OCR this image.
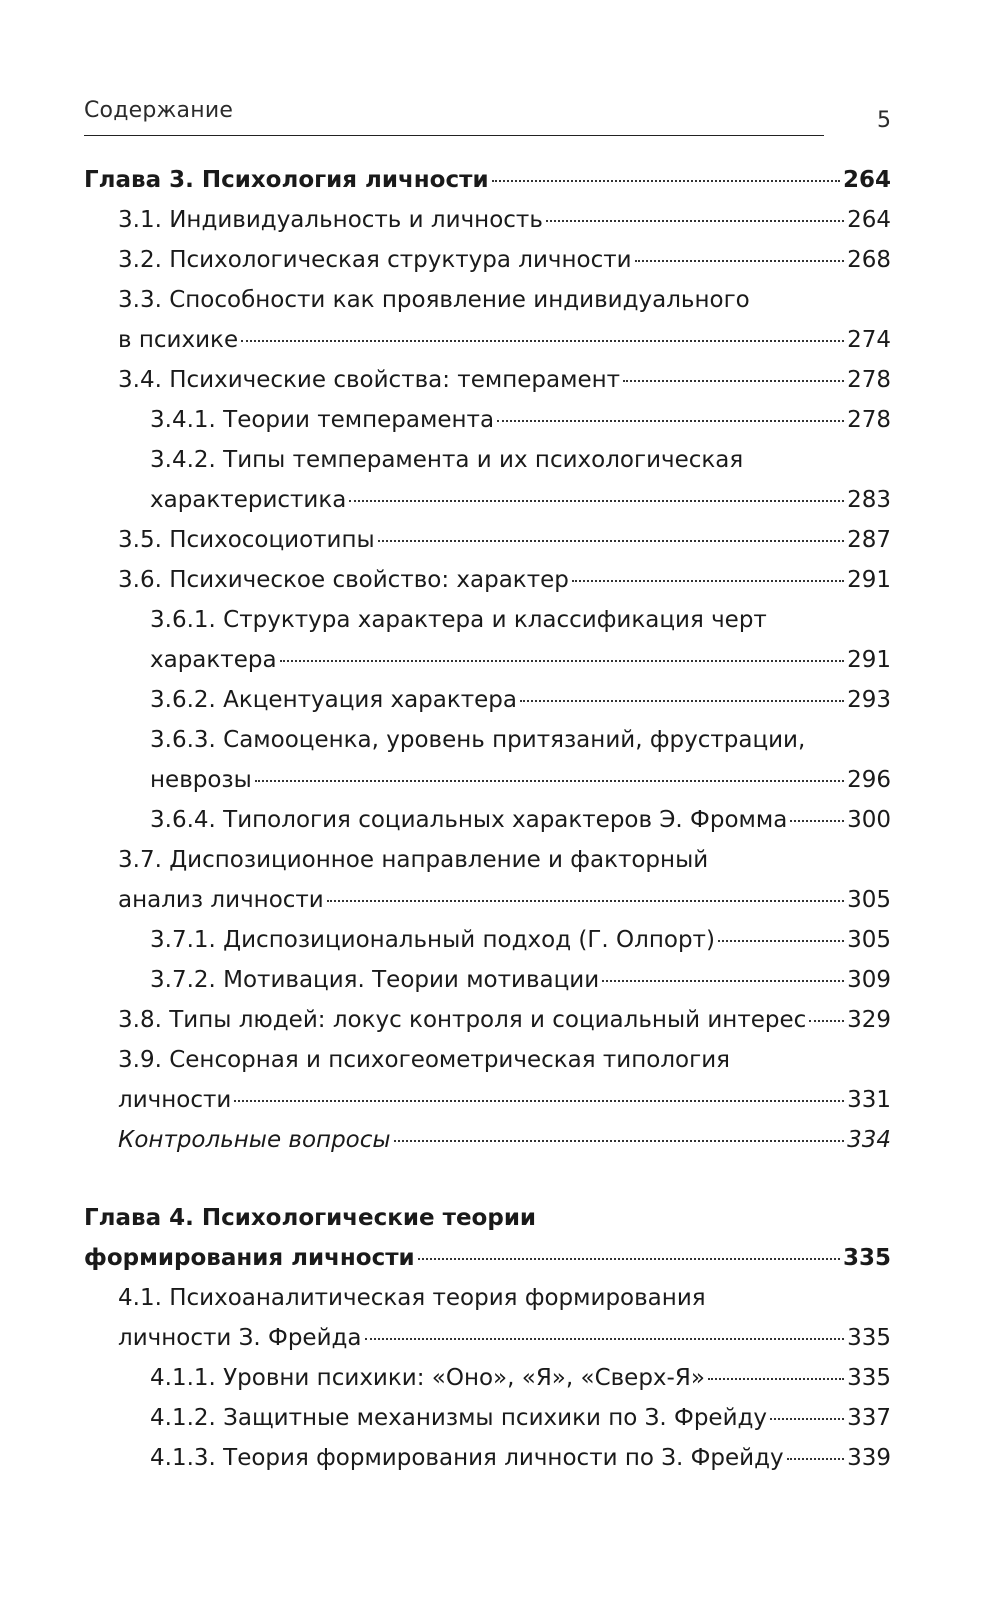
Содержание	5
Глава 3. Психология личности	264
3.1. Индивидуальность и личность	264
3.2. Психологическая структура личности	268
3.3. Способности как проявление индивидуального
в психике	274
3.4. Психические свойства: темперамент	278
3.4.1. Теории темперамента	278
3.4.2. Типы темперамента и их психологическая
характеристика	283
3.5. Психосоциотипы	287
3.6. Психическое свойство: характер	291
3.6.1. Структура характера и классификация черт
характера	291
3.6.2. Акцентуация характера	293
3.6.3. Самооценка, уровень притязаний, фрустрации,
неврозы	296
3.6.4. Типология социальных характеров Э. Фромма	300
3.7. Диспозиционное направление и факторный
анализ личности	305
3.7.1. Диспозициональный подход (Г. Олпорт)	305
3.7.2. Мотивация. Теории мотивации	309
3.8. Типы людей: локус контроля и социальный интерес 329
3.9. Сенсорная и психогеометрическая типология
личности	331
Контрольные вопросы	334
Глава 4. Психологические теории
формирования личности	335
4.1. Психоаналитическая теория формирования
личности З. Фрейда	335
4.1.1. Уровни психики: «Оно», «Я», «Сверх-Я»	335
4.1.2. Защитные механизмы психики по З. Фрейду	337
4.1.3. Теория формирования личности по З. Фрейду	339
